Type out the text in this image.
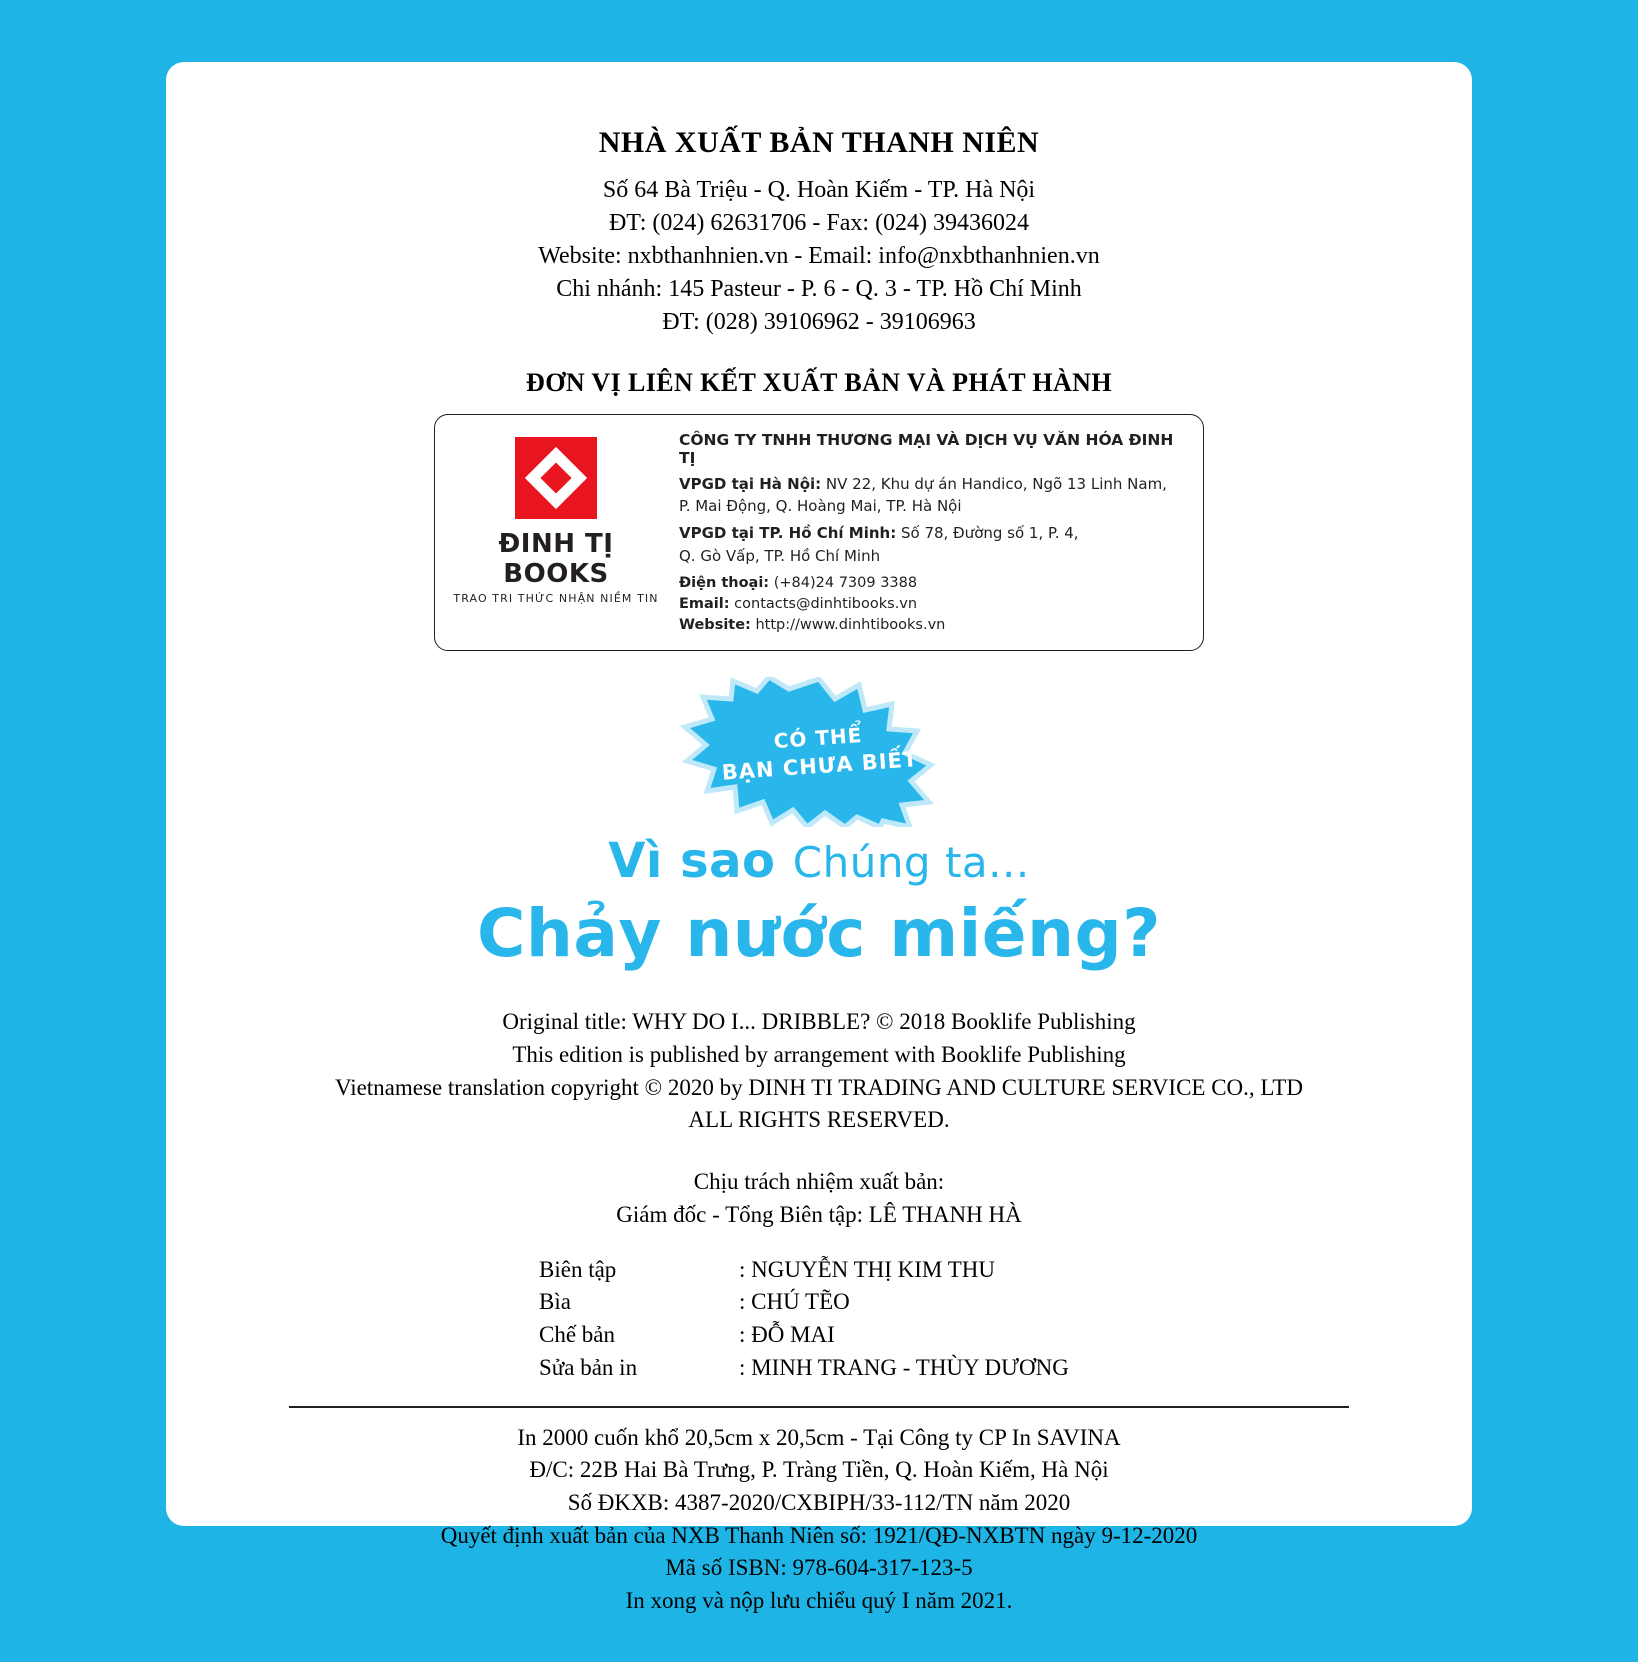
NHÀ XUẤT BẢN THANH NIÊN
Số 64 Bà Triệu - Q. Hoàn Kiếm - TP. Hà Nội
ĐT: (024) 62631706 - Fax: (024) 39436024
Website: nxbthanhnien.vn - Email: info@nxbthanhnien.vn
Chi nhánh: 145 Pasteur - P. 6 - Q. 3 - TP. Hồ Chí Minh
ĐT: (028) 39106962 - 39106963
ĐƠN VỊ LIÊN KẾT XUẤT BẢN VÀ PHÁT HÀNH
ĐINH TỊ BOOKS
TRAO TRI THỨC NHẬN NIỀM TIN
CÔNG TY TNHH THƯƠNG MẠI VÀ DỊCH VỤ VĂN HÓA ĐINH TỊ
VPGD tại Hà Nội: NV 22, Khu dự án Handico, Ngõ 13 Linh Nam,
P. Mai Động, Q. Hoàng Mai, TP. Hà Nội
VPGD tại TP. Hồ Chí Minh: Số 78, Đường số 1, P. 4,
Q. Gò Vấp, TP. Hồ Chí Minh
Điện thoại: (+84)24 7309 3388
Email: contacts@dinhtibooks.vn
Website: http://www.dinhtibooks.vn
CÓ THỂ
BẠN CHƯA BIẾT
Vì sao Chúng ta...
Chảy nước miếng?
Original title: WHY DO I... DRIBBLE? © 2018 Booklife Publishing
This edition is published by arrangement with Booklife Publishing
Vietnamese translation copyright © 2020 by DINH TI TRADING AND CULTURE SERVICE CO., LTD
ALL RIGHTS RESERVED.
Chịu trách nhiệm xuất bản:
Giám đốc - Tổng Biên tập: LÊ THANH HÀ
Biên tập	: NGUYỄN THỊ KIM THU
Bìa	: CHÚ TẼO
Chế bản	: ĐỖ MAI
Sửa bản in	: MINH TRANG - THÙY DƯƠNG
In 2000 cuốn khổ 20,5cm x 20,5cm - Tại Công ty CP In SAVINA
Đ/C: 22B Hai Bà Trưng, P. Tràng Tiền, Q. Hoàn Kiếm, Hà Nội
Số ĐKXB: 4387-2020/CXBIPH/33-112/TN năm 2020
Quyết định xuất bản của NXB Thanh Niên số: 1921/QĐ-NXBTN ngày 9-12-2020
Mã số ISBN: 978-604-317-123-5
In xong và nộp lưu chiểu quý I năm 2021.
